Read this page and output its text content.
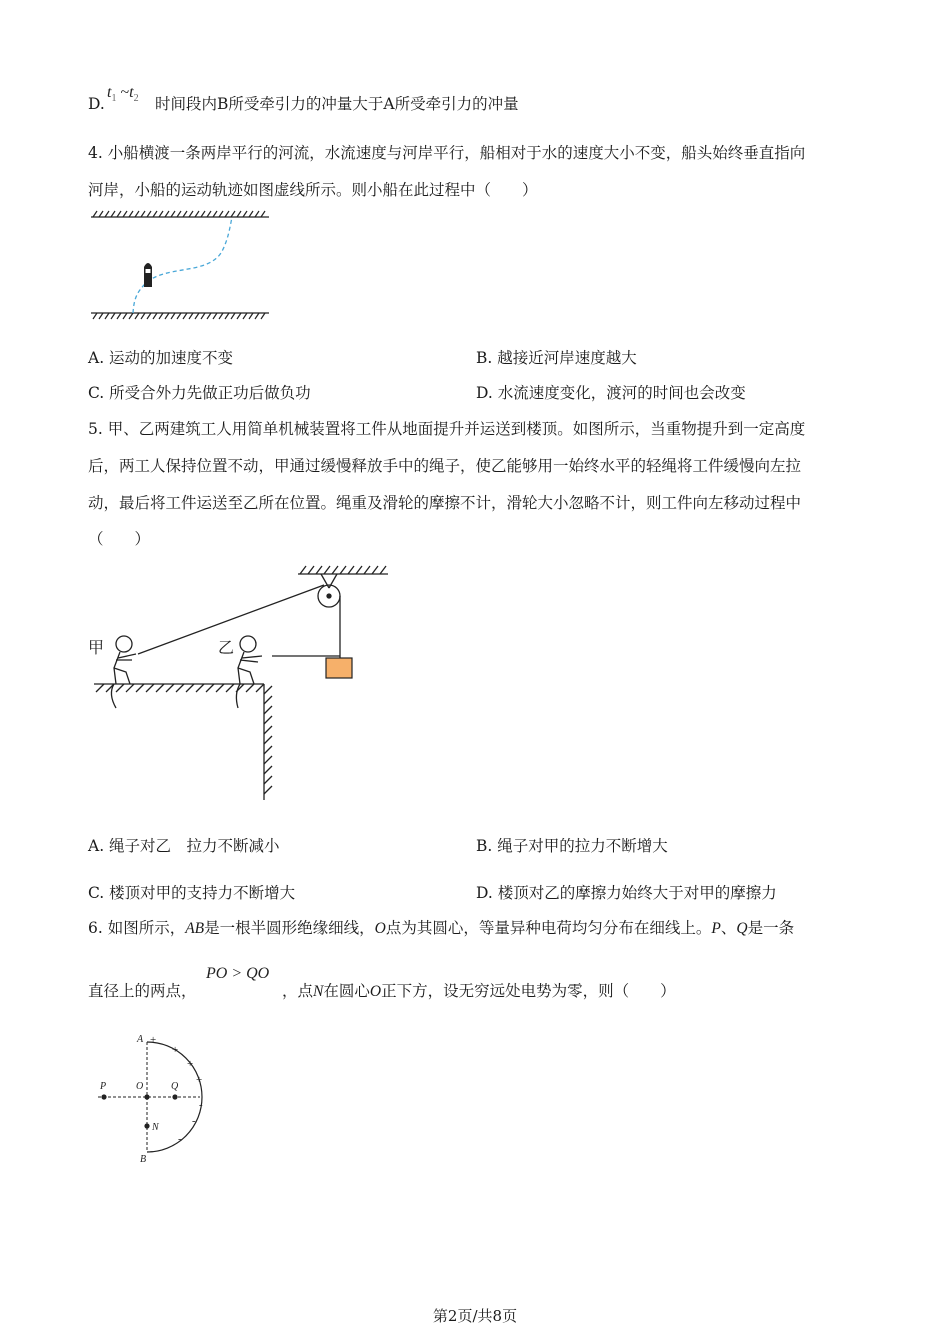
D.
$t_1$ $\sim t_2$ 时间段内B所受牵引力的冲量大于A所受牵引力的冲量
4. 小船横渡一条两岸平行的河流，水流速度与河岸平行，船相对于水的速度大小不变，船头始终垂直指向
河岸，小船的运动轨迹如图虚线所示。则小船在此过程中（　　）
A. 运动的加速度不变	B. 越接近河岸速度越大
C. 所受合外力先做正功后做负功	D. 水流速度变化，渡河的时间也会改变
5. 甲、乙两建筑工人用简单机械装置将工件从地面提升并运送到楼顶。如图所示，当重物提升到一定高度
后，两工人保持位置不动，甲通过缓慢释放手中的绳子，使乙能够用一始终水平的轻绳将工件缓慢向左拉
动，最后将工件运送至乙所在位置。绳重及滑轮的摩擦不计，滑轮大小忽略不计，则工件向左移动过程中
（　　）
甲	乙
A. 绳子对乙　拉力不断减小	B. 绳子对甲的拉力不断增大
C. 楼顶对甲的支持力不断增大	D. 楼顶对乙的摩擦力始终大于对甲的摩擦力
6. 如图所示，AB是一根半圆形绝缘细线，O点为其圆心，等量异种电荷均匀分布在细线上。P、Q是一条
PO > QO
直径上的两点，	，点N在圆心O正下方，设无穷远处电势为零，则（　　）
A
B
P	O	Q
N
+
+
+
+
-
-
-
-
第2页/共8页
